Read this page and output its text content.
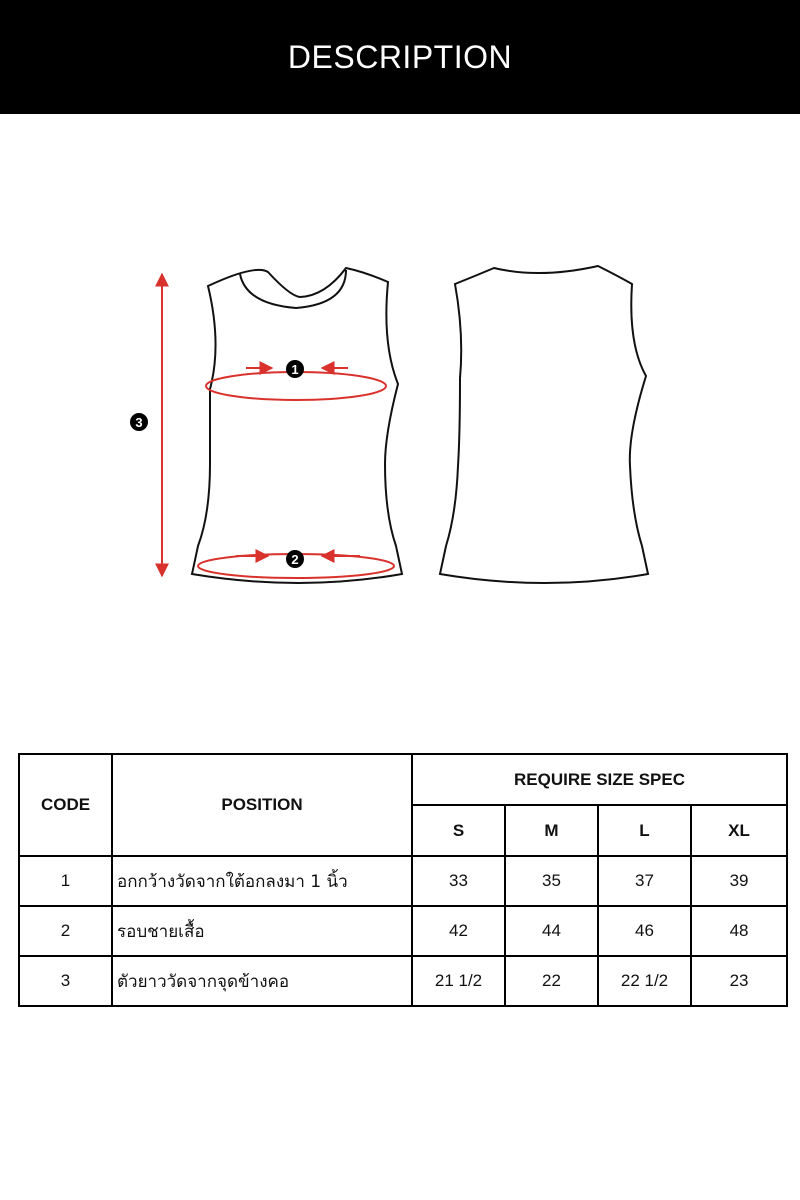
DESCRIPTION
1
2
3
CODE	POSITION	REQUIRE SIZE SPEC			
		S	M	L	XL
1	อกกว้างวัดจากใต้อกลงมา 1 นิ้ว	33	35	37	39
2	รอบชายเสื้อ	42	44	46	48
3	ตัวยาววัดจากจุดข้างคอ	21 1/2	22	22 1/2	23
